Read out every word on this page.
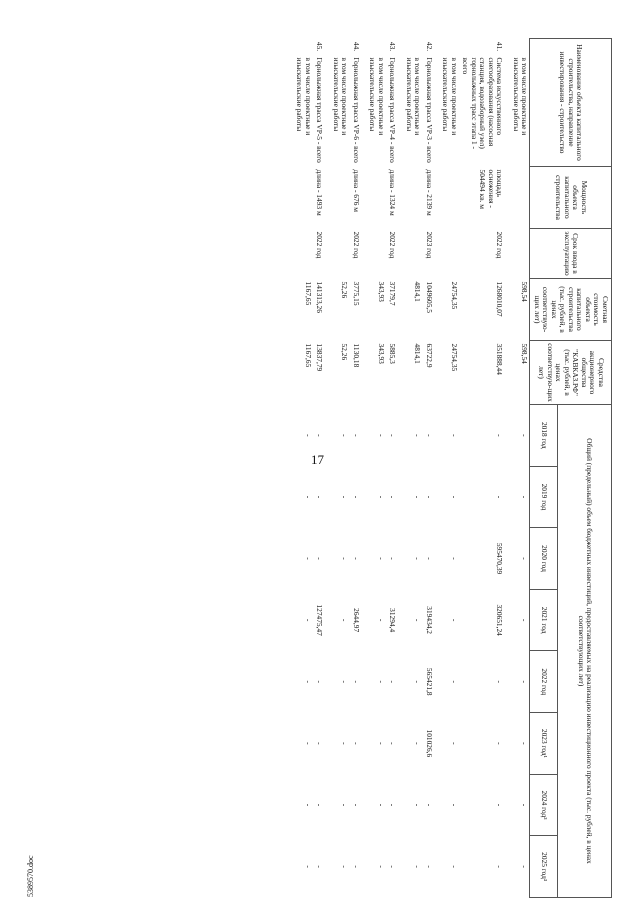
17
5389570.doc
Наименование объекта капитального строительства, направление инвестирования - строительство		Мощность объекта капитального строительства	Срок ввода в эксплуатацию	Сметная стоимость объекта капитального строительства (тыс. рублей, в ценах соответствую-щих лет)	Средства акционерного общества "КАВКАЗ.РФ" (тыс. рублей, в ценах соответствую-щих лет)	Общий (предельный) объем бюджетных инвестиций, предоставляемых на реализацию инвестиционного проекта (тыс. рублей, в ценах соответствующих лет)							
						2018 год	2019 год	2020 год	2021 год	2022 год	2023 год¹	2024 год³	2025 год³
	в том числе проектные и изыскательские работы			598,54	598,54	-	-	-	-	-	-	-	-
41.	Система искусственного снегообразования (насосная станция, водозаборный узел) горнолыжных трасс этапа 1 - всего	площадь оснежения - 504494 кв. м	2022 год	1268010,07	351888,44	-	-	595470,39	320651,24	-	-	-	-
	в том числе проектные и изыскательские работы			24754,35	24754,35	-	-	-	-	-	-	-	-
42.	Горнолыжная трасса VP-3 - всего	длина - 2139 м	2023 год	1049605,5	63722,9	-	-	-	319434,2	565421,8	101026,6	-	-
	в том числе проектные и изыскательские работы			4814,1	4814,1	-	-	-	-	-	-	-	-
43.	Горнолыжная трасса VP-4 - всего	длина - 1324 м	2022 год	37179,7	5885,3	-	-	-	31294,4	-	-	-	-
	в том числе проектные и изыскательские работы			343,93	343,93	-	-	-	-	-	-	-	-
44.	Горнолыжная трасса VP-6 - всего	длина - 676 м	2022 год	3775,15	1130,18	-	-	-	2644,97	-	-	-	-
	в том числе проектные и изыскательские работы			52,26	52,26	-	-	-	-	-	-	-	-
45.	Горнолыжная трасса VP-5 - всего	длина - 1493 м	2022 год	141313,26	13837,79	-	-	-	127475,47	-	-	-	-
	в том числе проектные и изыскательские работы			1167,65	1167,65	-	-	-	-	-	-	-	-
